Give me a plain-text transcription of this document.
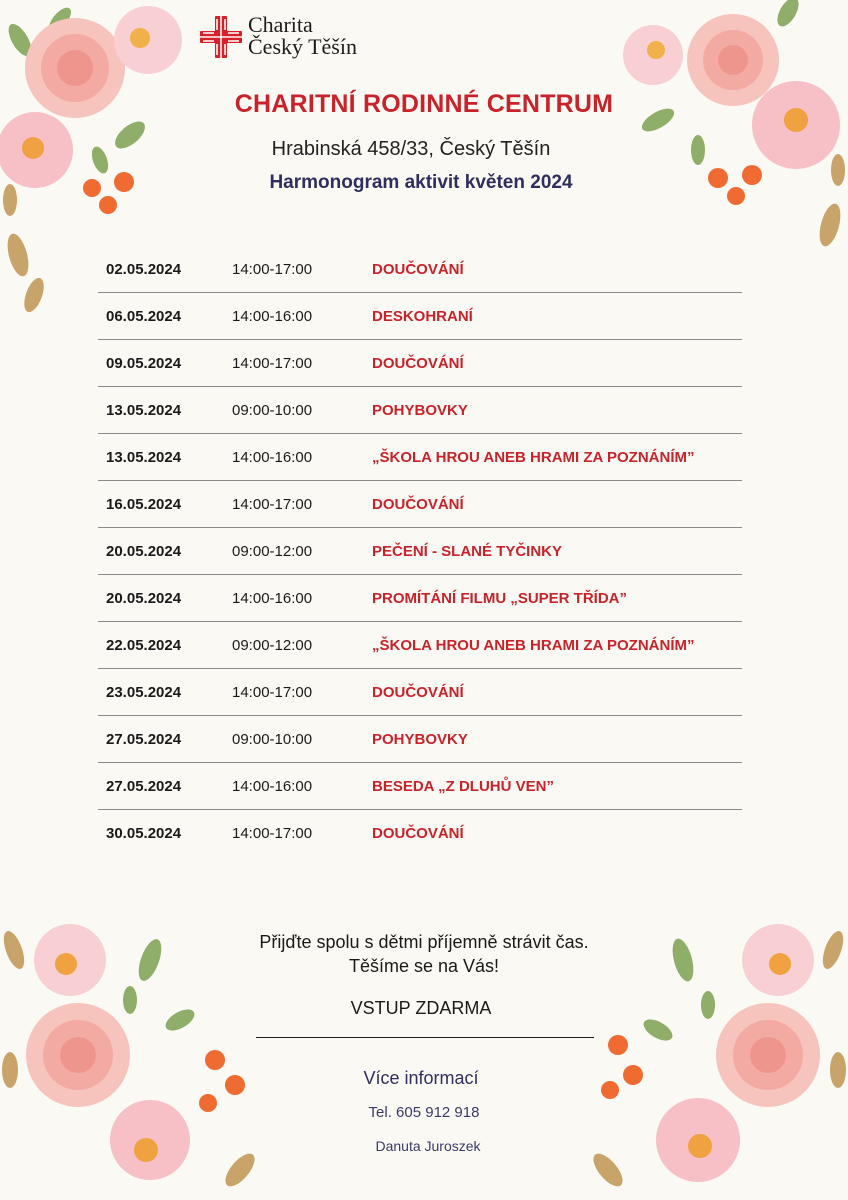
Charita
Český Těšín
CHARITNÍ RODINNÉ CENTRUM
Hrabinská 458/33, Český Těšín
Harmonogram aktivit květen 2024
02.05.2024	14:00-17:00	DOUČOVÁNÍ
06.05.2024	14:00-16:00	DESKOHRANÍ
09.05.2024	14:00-17:00	DOUČOVÁNÍ
13.05.2024	09:00-10:00	POHYBOVKY
13.05.2024	14:00-16:00	„ŠKOLA HROU ANEB HRAMI ZA POZNÁNÍM”
16.05.2024	14:00-17:00	DOUČOVÁNÍ
20.05.2024	09:00-12:00	PEČENÍ - SLANÉ TYČINKY
20.05.2024	14:00-16:00	PROMÍTÁNÍ FILMU „SUPER TŘÍDA”
22.05.2024	09:00-12:00	„ŠKOLA HROU ANEB HRAMI ZA POZNÁNÍM”
23.05.2024	14:00-17:00	DOUČOVÁNÍ
27.05.2024	09:00-10:00	POHYBOVKY
27.05.2024	14:00-16:00	BESEDA „Z DLUHŮ VEN”
30.05.2024	14:00-17:00	DOUČOVÁNÍ
Přijďte spolu s dětmi příjemně strávit čas.
Těšíme se na Vás!
VSTUP ZDARMA
Více informací
Tel. 605 912 918
Danuta Juroszek
